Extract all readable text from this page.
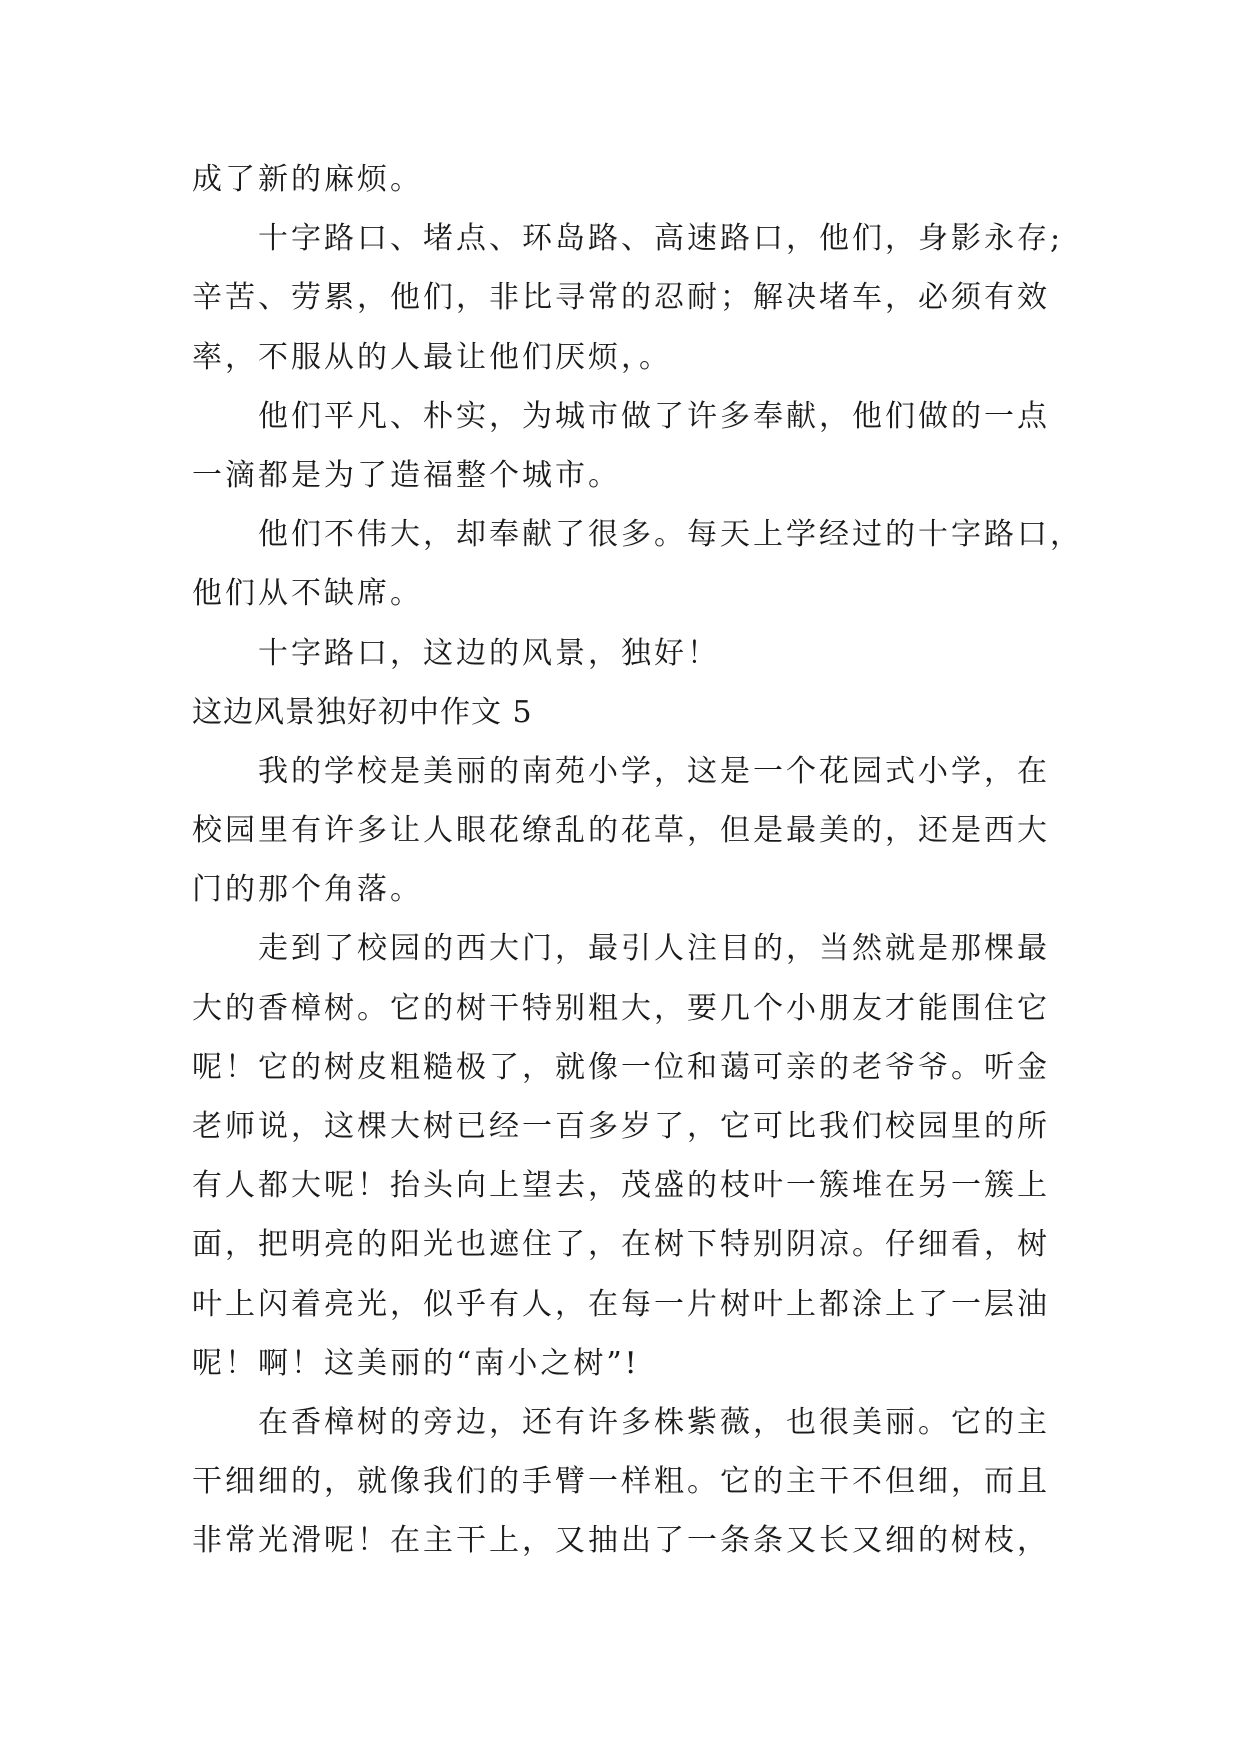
成了新的麻烦。
十字路口、堵点、环岛路、高速路口，他们，身影永存;
辛苦、劳累，他们，非比寻常的忍耐；解决堵车，必须有效
率，不服从的人最让他们厌烦，。
他们平凡、朴实，为城市做了许多奉献，他们做的一点
一滴都是为了造福整个城市。
他们不伟大，却奉献了很多。每天上学经过的十字路口，
他们从不缺席。
十字路口，这边的风景，独好！
这边风景独好初中作文 5
我的学校是美丽的南苑小学，这是一个花园式小学，在
校园里有许多让人眼花缭乱的花草，但是最美的，还是西大
门的那个角落。
走到了校园的西大门，最引人注目的，当然就是那棵最
大的香樟树。它的树干特别粗大，要几个小朋友才能围住它
呢！它的树皮粗糙极了，就像一位和蔼可亲的老爷爷。听金
老师说，这棵大树已经一百多岁了，它可比我们校园里的所
有人都大呢！抬头向上望去，茂盛的枝叶一簇堆在另一簇上
面，把明亮的阳光也遮住了，在树下特别阴凉。仔细看，树
叶上闪着亮光，似乎有人，在每一片树叶上都涂上了一层油
呢！啊！这美丽的“南小之树”!
在香樟树的旁边，还有许多株紫薇，也很美丽。它的主
干细细的，就像我们的手臂一样粗。它的主干不但细，而且
非常光滑呢！在主干上，又抽出了一条条又长又细的树枝，
